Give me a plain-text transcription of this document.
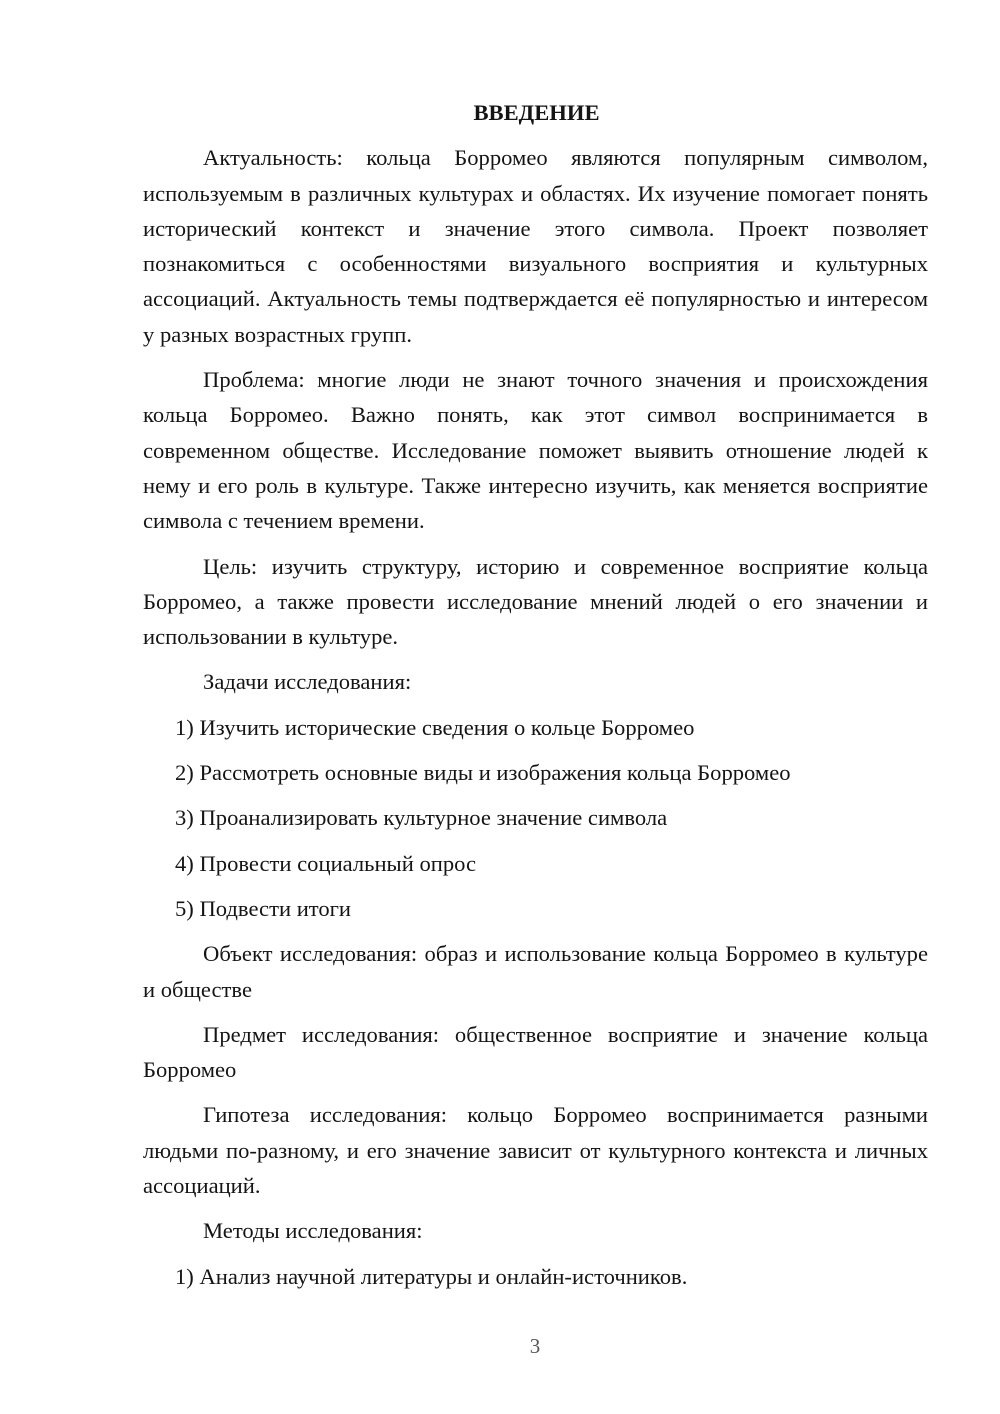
ВВЕДЕНИЕ

Актуальность: кольца Борромео являются популярным символом, используемым в различных культурах и областях. Их изучение помогает понять исторический контекст и значение этого символа. Проект позволяет познакомиться с особенностями визуального восприятия и культурных ассоциаций. Актуальность темы подтверждается её популярностью и интересом у разных возрастных групп.

Проблема: многие люди не знают точного значения и происхождения кольца Борромео. Важно понять, как этот символ воспринимается в современном обществе. Исследование поможет выявить отношение людей к нему и его роль в культуре. Также интересно изучить, как меняется восприятие символа с течением времени.

Цель: изучить структуру, историю и современное восприятие кольца Борромео, а также провести исследование мнений людей о его значении и использовании в культуре.

Задачи исследования:

1) Изучить исторические сведения о кольце Борромео
2) Рассмотреть основные виды и изображения кольца Борромео
3) Проанализировать культурное значение символа
4) Провести социальный опрос
5) Подвести итоги

Объект исследования: образ и использование кольца Борромео в культуре и обществе

Предмет исследования: общественное восприятие и значение кольца Борромео

Гипотеза исследования: кольцо Борромео воспринимается разными людьми по-разному, и его значение зависит от культурного контекста и личных ассоциаций.

Методы исследования:

1) Анализ научной литературы и онлайн-источников.
3
